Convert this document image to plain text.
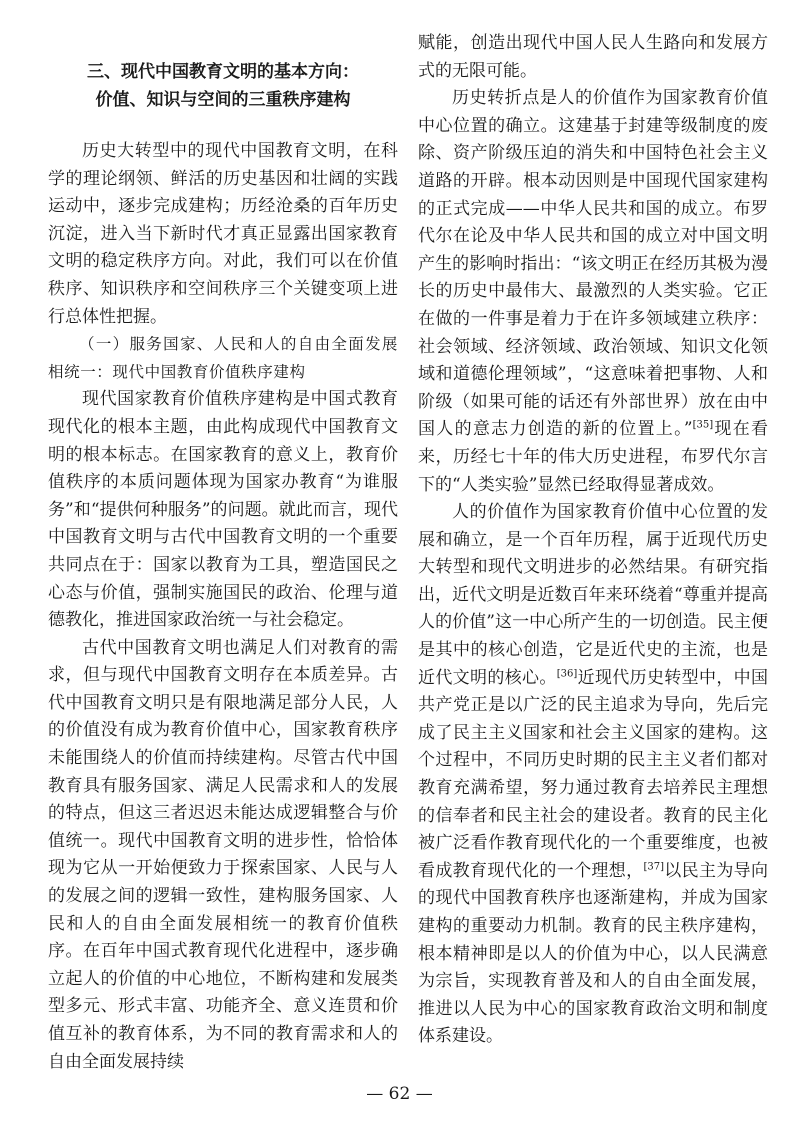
三、现代中国教育文明的基本方向：
价值、知识与空间的三重秩序建构

历史大转型中的现代中国教育文明，在科学的理论纲领、鲜活的历史基因和壮阔的实践运动中，逐步完成建构；历经沧桑的百年历史沉淀，进入当下新时代才真正显露出国家教育文明的稳定秩序方向。对此，我们可以在价值秩序、知识秩序和空间秩序三个关键变项上进行总体性把握。

（一）服务国家、人民和人的自由全面发展相统一：现代中国教育价值秩序建构

现代国家教育价值秩序建构是中国式教育现代化的根本主题，由此构成现代中国教育文明的根本标志。在国家教育的意义上，教育价值秩序的本质问题体现为国家办教育“为谁服务”和“提供何种服务”的问题。就此而言，现代中国教育文明与古代中国教育文明的一个重要共同点在于：国家以教育为工具，塑造国民之心态与价值，强制实施国民的政治、伦理与道德教化，推进国家政治统一与社会稳定。

古代中国教育文明也满足人们对教育的需求，但与现代中国教育文明存在本质差异。古代中国教育文明只是有限地满足部分人民，人的价值没有成为教育价值中心，国家教育秩序未能围绕人的价值而持续建构。尽管古代中国教育具有服务国家、满足人民需求和人的发展的特点，但这三者迟迟未能达成逻辑整合与价值统一。现代中国教育文明的进步性，恰恰体现为它从一开始便致力于探索国家、人民与人的发展之间的逻辑一致性，建构服务国家、人民和人的自由全面发展相统一的教育价值秩序。在百年中国式教育现代化进程中，逐步确立起人的价值的中心地位，不断构建和发展类型多元、形式丰富、功能齐全、意义连贯和价值互补的教育体系，为不同的教育需求和人的自由全面发展持续

赋能，创造出现代中国人民人生路向和发展方式的无限可能。

历史转折点是人的价值作为国家教育价值中心位置的确立。这建基于封建等级制度的废除、资产阶级压迫的消失和中国特色社会主义道路的开辟。根本动因则是中国现代国家建构的正式完成——中华人民共和国的成立。布罗代尔在论及中华人民共和国的成立对中国文明产生的影响时指出：“该文明正在经历其极为漫长的历史中最伟大、最激烈的人类实验。它正在做的一件事是着力于在许多领域建立秩序：社会领域、经济领域、政治领域、知识文化领域和道德伦理领域”，“这意味着把事物、人和阶级（如果可能的话还有外部世界）放在由中国人的意志力创造的新的位置上。”[35]现在看来，历经七十年的伟大历史进程，布罗代尔言下的“人类实验”显然已经取得显著成效。

人的价值作为国家教育价值中心位置的发展和确立，是一个百年历程，属于近现代历史大转型和现代文明进步的必然结果。有研究指出，近代文明是近数百年来环绕着“尊重并提高人的价值”这一中心所产生的一切创造。民主便是其中的核心创造，它是近代史的主流，也是近代文明的核心。[36]近现代历史转型中，中国共产党正是以广泛的民主追求为导向，先后完成了民主主义国家和社会主义国家的建构。这个过程中，不同历史时期的民主主义者们都对教育充满希望，努力通过教育去培养民主理想的信奉者和民主社会的建设者。教育的民主化被广泛看作教育现代化的一个重要维度，也被看成教育现代化的一个理想，[37]以民主为导向的现代中国教育秩序也逐渐建构，并成为国家建构的重要动力机制。教育的民主秩序建构，根本精神即是以人的价值为中心，以人民满意为宗旨，实现教育普及和人的自由全面发展，推进以人民为中心的国家教育政治文明和制度体系建设。

— 62 —
